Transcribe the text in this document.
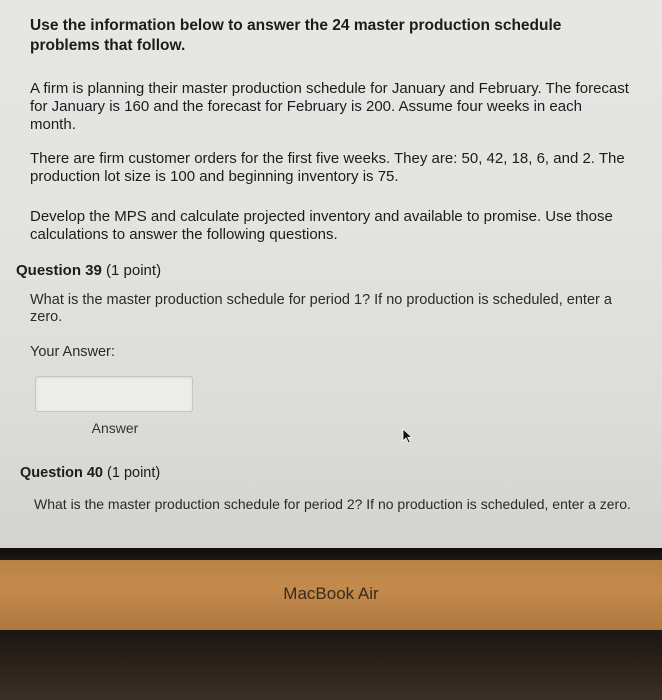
Use the information below to answer the 24 master production schedule problems that follow.
A firm is planning their master production schedule for January and February. The forecast for January is 160 and the forecast for February is 200. Assume four weeks in each month.
There are firm customer orders for the first five weeks. They are: 50, 42, 18, 6, and 2. The production lot size is 100 and beginning inventory is 75.
Develop the MPS and calculate projected inventory and available to promise. Use those calculations to answer the following questions.
Question 39 (1 point)
What is the master production schedule for period 1? If no production is scheduled, enter a zero.
Your Answer:
Answer
Question 40 (1 point)
What is the master production schedule for period 2? If no production is scheduled, enter a zero.
MacBook Air
